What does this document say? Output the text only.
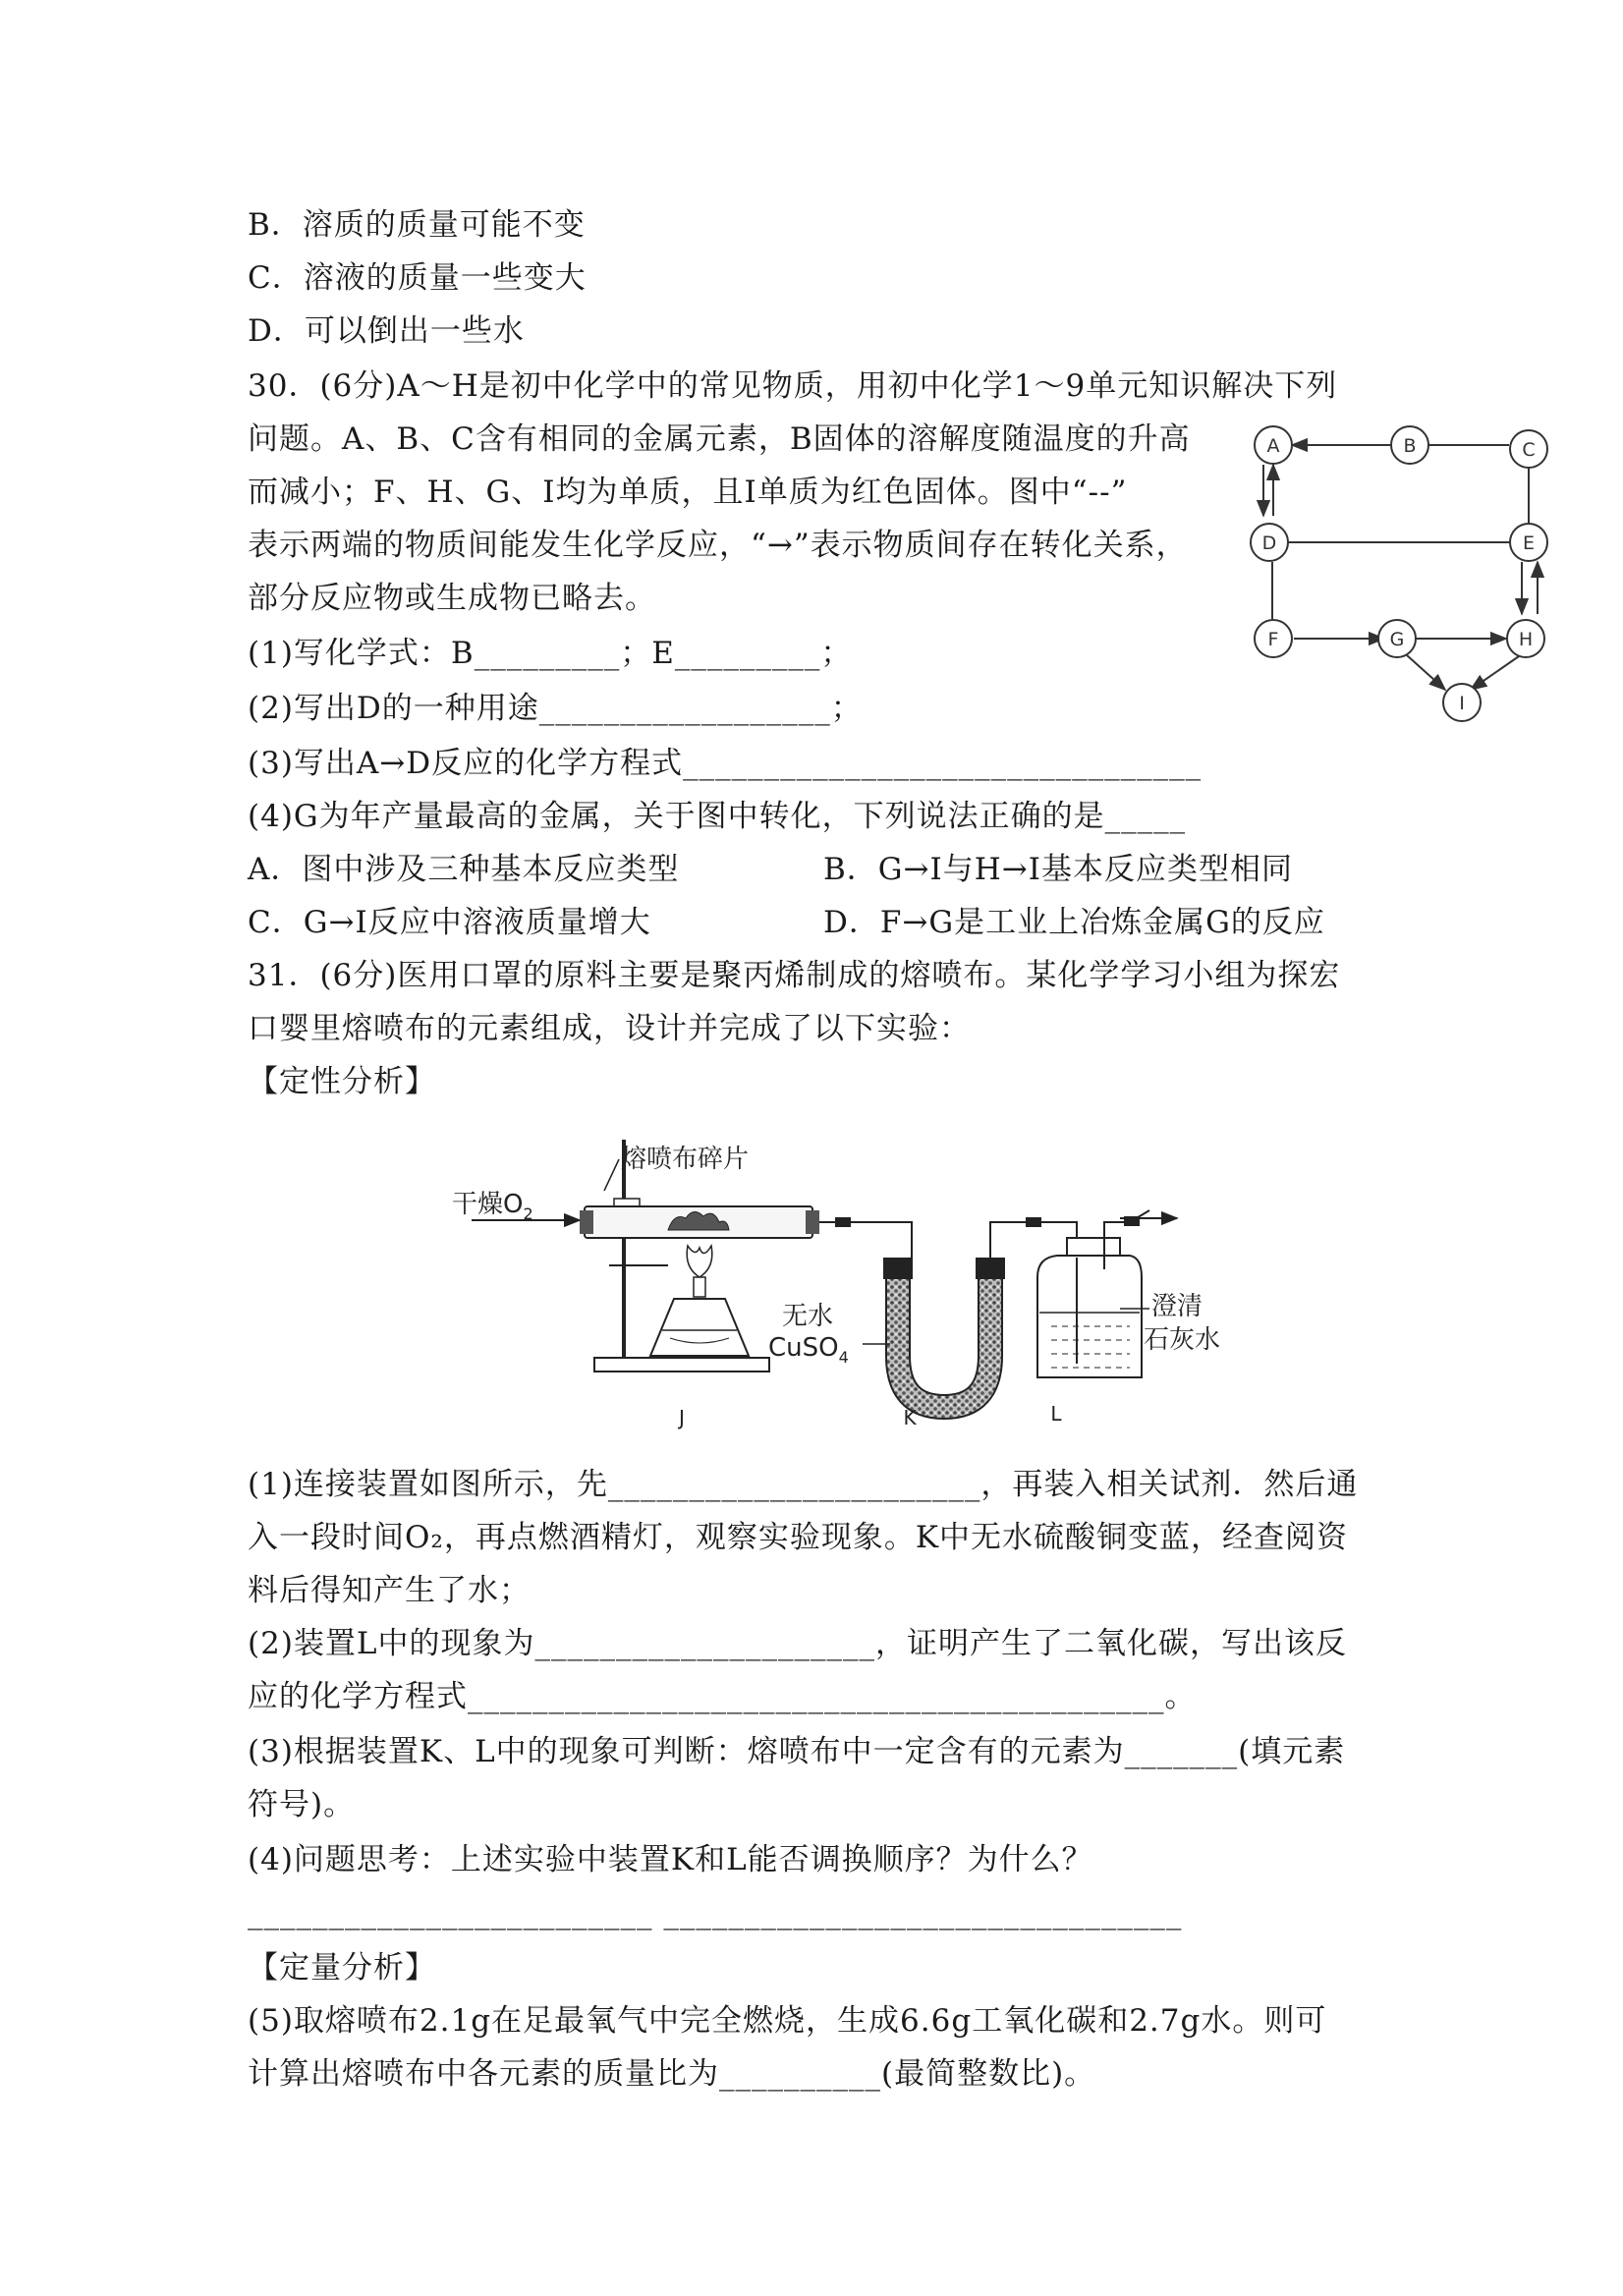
B．溶质的质量可能不变
C．溶液的质量一些变大
D．可以倒出一些水
30．(6分)A～H是初中化学中的常见物质，用初中化学1～9单元知识解决下列
问题。A、B、C含有相同的金属元素，B固体的溶解度随温度的升高
而减小；F、H、G、I均为单质，且I单质为红色固体。图中“--”
表示两端的物质间能发生化学反应，“→”表示物质间存在转化关系，
部分反应物或生成物已略去。
(1)写化学式：B_________；E_________；
(2)写出D的一种用途__________________；
(3)写出A→D反应的化学方程式________________________________
(4)G为年产量最高的金属，关于图中转化，下列说法正确的是_____
A．图中涉及三种基本反应类型	B．G→I与H→I基本反应类型相同
C．G→I反应中溶液质量增大	D．F→G是工业上冶炼金属G的反应
31．(6分)医用口罩的原料主要是聚丙烯制成的熔喷布。某化学学习小组为探宏
口婴里熔喷布的元素组成，设计并完成了以下实验：
【定性分析】
(1)连接装置如图所示，先_______________________，再装入相关试剂．然后通
入一段时间O₂，再点燃酒精灯，观察实验现象。K中无水硫酸铜变蓝，经查阅资
料后得知产生了水；
(2)装置L中的现象为_____________________，证明产生了二氧化碳，写出该反
应的化学方程式___________________________________________。
(3)根据装置K、L中的现象可判断：熔喷布中一定含有的元素为_______(填元素
符号)。
(4)问题思考：上述实验中装置K和L能否调换顺序？为什么？
_________________________ ________________________________
【定量分析】
(5)取熔喷布2.1g在足最氧气中完全燃烧，生成6.6g工氧化碳和2.7g水。则可
计算出熔喷布中各元素的质量比为__________(最简整数比)。
A	B	C
D	E
F	G	H
I
干燥$O_2$
熔喷布碎片
无水
CuSO$_4$
澄清
石灰水
J	K	L
